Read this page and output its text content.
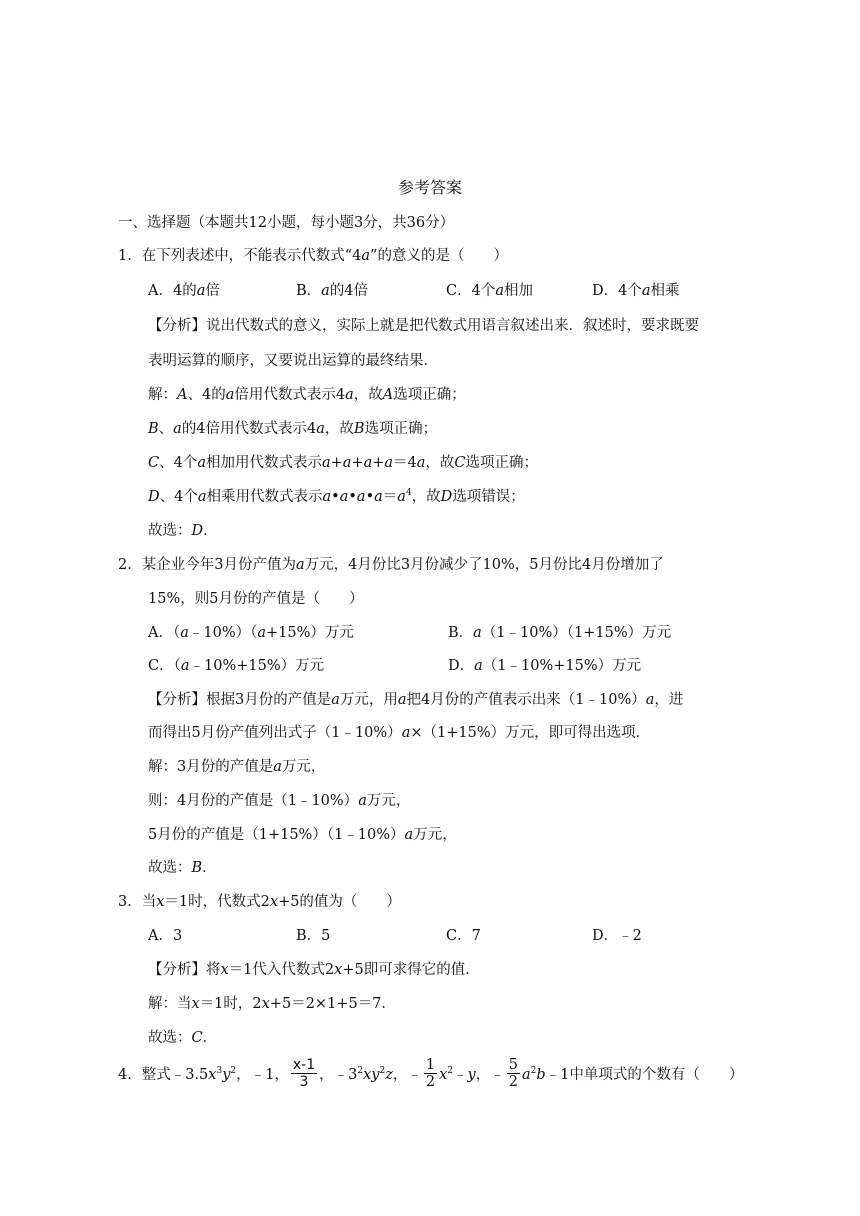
参考答案
一、选择题（本题共12小题，每小题3分，共36分）
1．在下列表述中，不能表示代数式“4a”的意义的是（　　）
A．4的a倍	B．a的4倍	C．4个a相加	D．4个a相乘
【分析】说出代数式的意义，实际上就是把代数式用语言叙述出来．叙述时，要求既要
表明运算的顺序，又要说出运算的最终结果．
解：A、4的a倍用代数式表示4a，故A选项正确；
B、a的4倍用代数式表示4a，故B选项正确；
C、4个a相加用代数式表示a+a+a+a＝4a，故C选项正确；
D、4个a相乘用代数式表示$a•a•a•a=a^4$，故D选项错误；
故选：D．
2．某企业今年3月份产值为a万元，4月份比3月份减少了10%，5月份比4月份增加了
15%，则5月份的产值是（　　）
A．（a﹣10%）（a+15%）万元	B．a（1﹣10%）（1+15%）万元
C．（a﹣10%+15%）万元	D．a（1﹣10%+15%）万元
【分析】根据3月份的产值是a万元，用a把4月份的产值表示出来（1﹣10%）a，进
而得出5月份产值列出式子（1﹣10%）a×（1+15%）万元，即可得出选项．
解：3月份的产值是a万元，
则：4月份的产值是（1﹣10%）a万元，
5月份的产值是（1+15%）（1﹣10%）a万元，
故选：B．
3．当x＝1时，代数式2x+5的值为（　　）
A．3	B．5	C．7	D．﹣2
【分析】将x＝1代入代数式2x+5即可求得它的值．
解：当x＝1时，2x+5＝2×1+5＝7．
故选：C．
4．整式$﹣3.5x^3y^2$，﹣1， $\frac{x-1}{3}$ ，$﹣3^2xy^2z$，﹣ $\frac{1}{2}$ $x^2﹣y$，﹣ $\frac{5}{2}$ $a^2b﹣1$中单项式的个数有（　　）
